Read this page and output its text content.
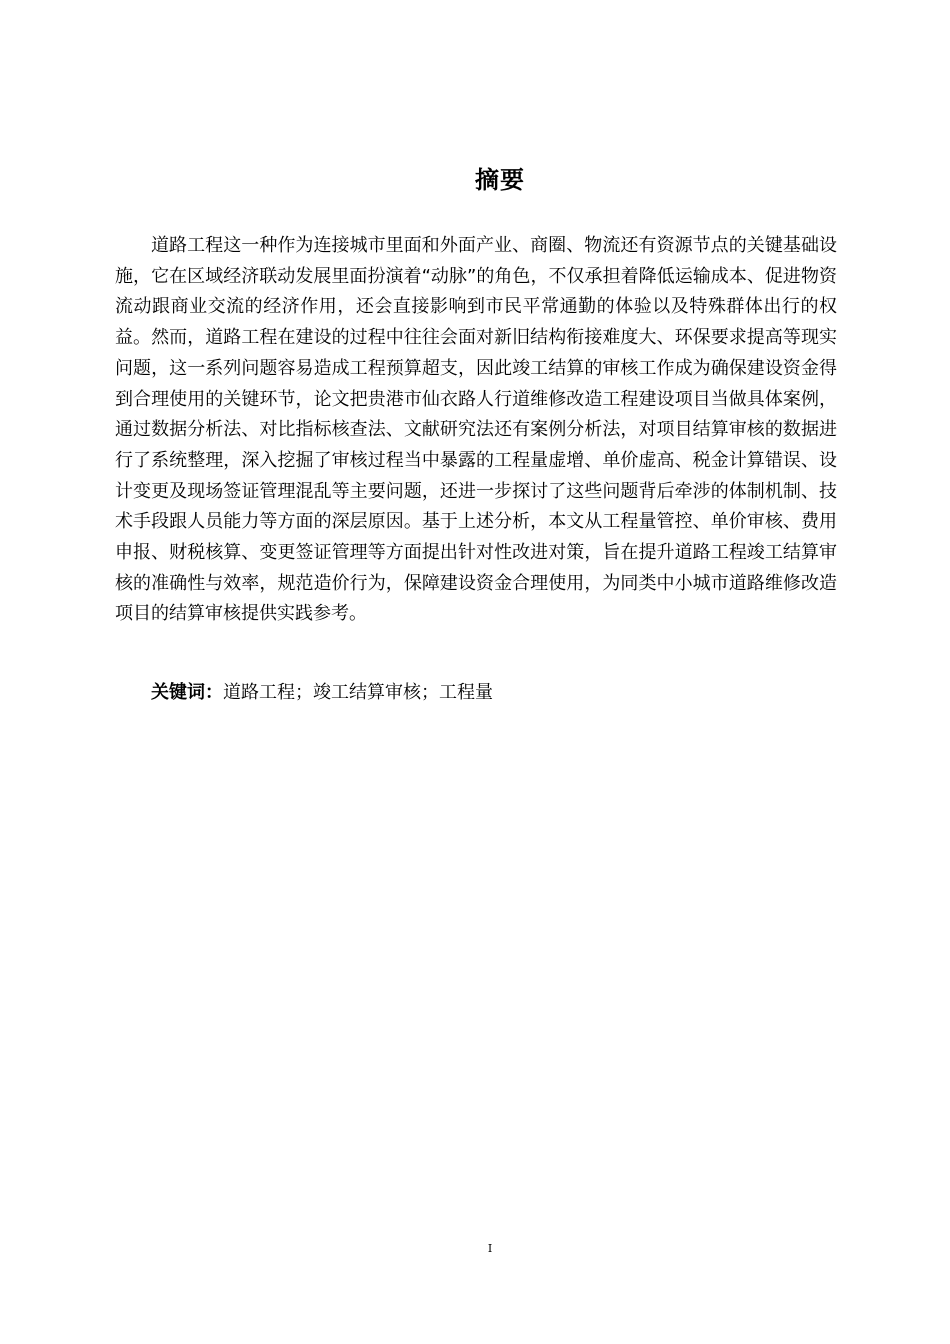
摘要

道路工程这一种作为连接城市里面和外面产业、商圈、物流还有资源节点的关键基础设施，它在区域经济联动发展里面扮演着“动脉”的角色，不仅承担着降低运输成本、促进物资流动跟商业交流的经济作用，还会直接影响到市民平常通勤的体验以及特殊群体出行的权益。然而，道路工程在建设的过程中往往会面对新旧结构衔接难度大、环保要求提高等现实问题，这一系列问题容易造成工程预算超支，因此竣工结算的审核工作成为确保建设资金得到合理使用的关键环节，论文把贵港市仙衣路人行道维修改造工程建设项目当做具体案例，通过数据分析法、对比指标核查法、文献研究法还有案例分析法，对项目结算审核的数据进行了系统整理，深入挖掘了审核过程当中暴露的工程量虚增、单价虚高、税金计算错误、设计变更及现场签证管理混乱等主要问题，还进一步探讨了这些问题背后牵涉的体制机制、技术手段跟人员能力等方面的深层原因。基于上述分析，本文从工程量管控、单价审核、费用申报、财税核算、变更签证管理等方面提出针对性改进对策，旨在提升道路工程竣工结算审核的准确性与效率，规范造价行为，保障建设资金合理使用，为同类中小城市道路维修改造项目的结算审核提供实践参考。

关键词：道路工程；竣工结算审核；工程量
I
